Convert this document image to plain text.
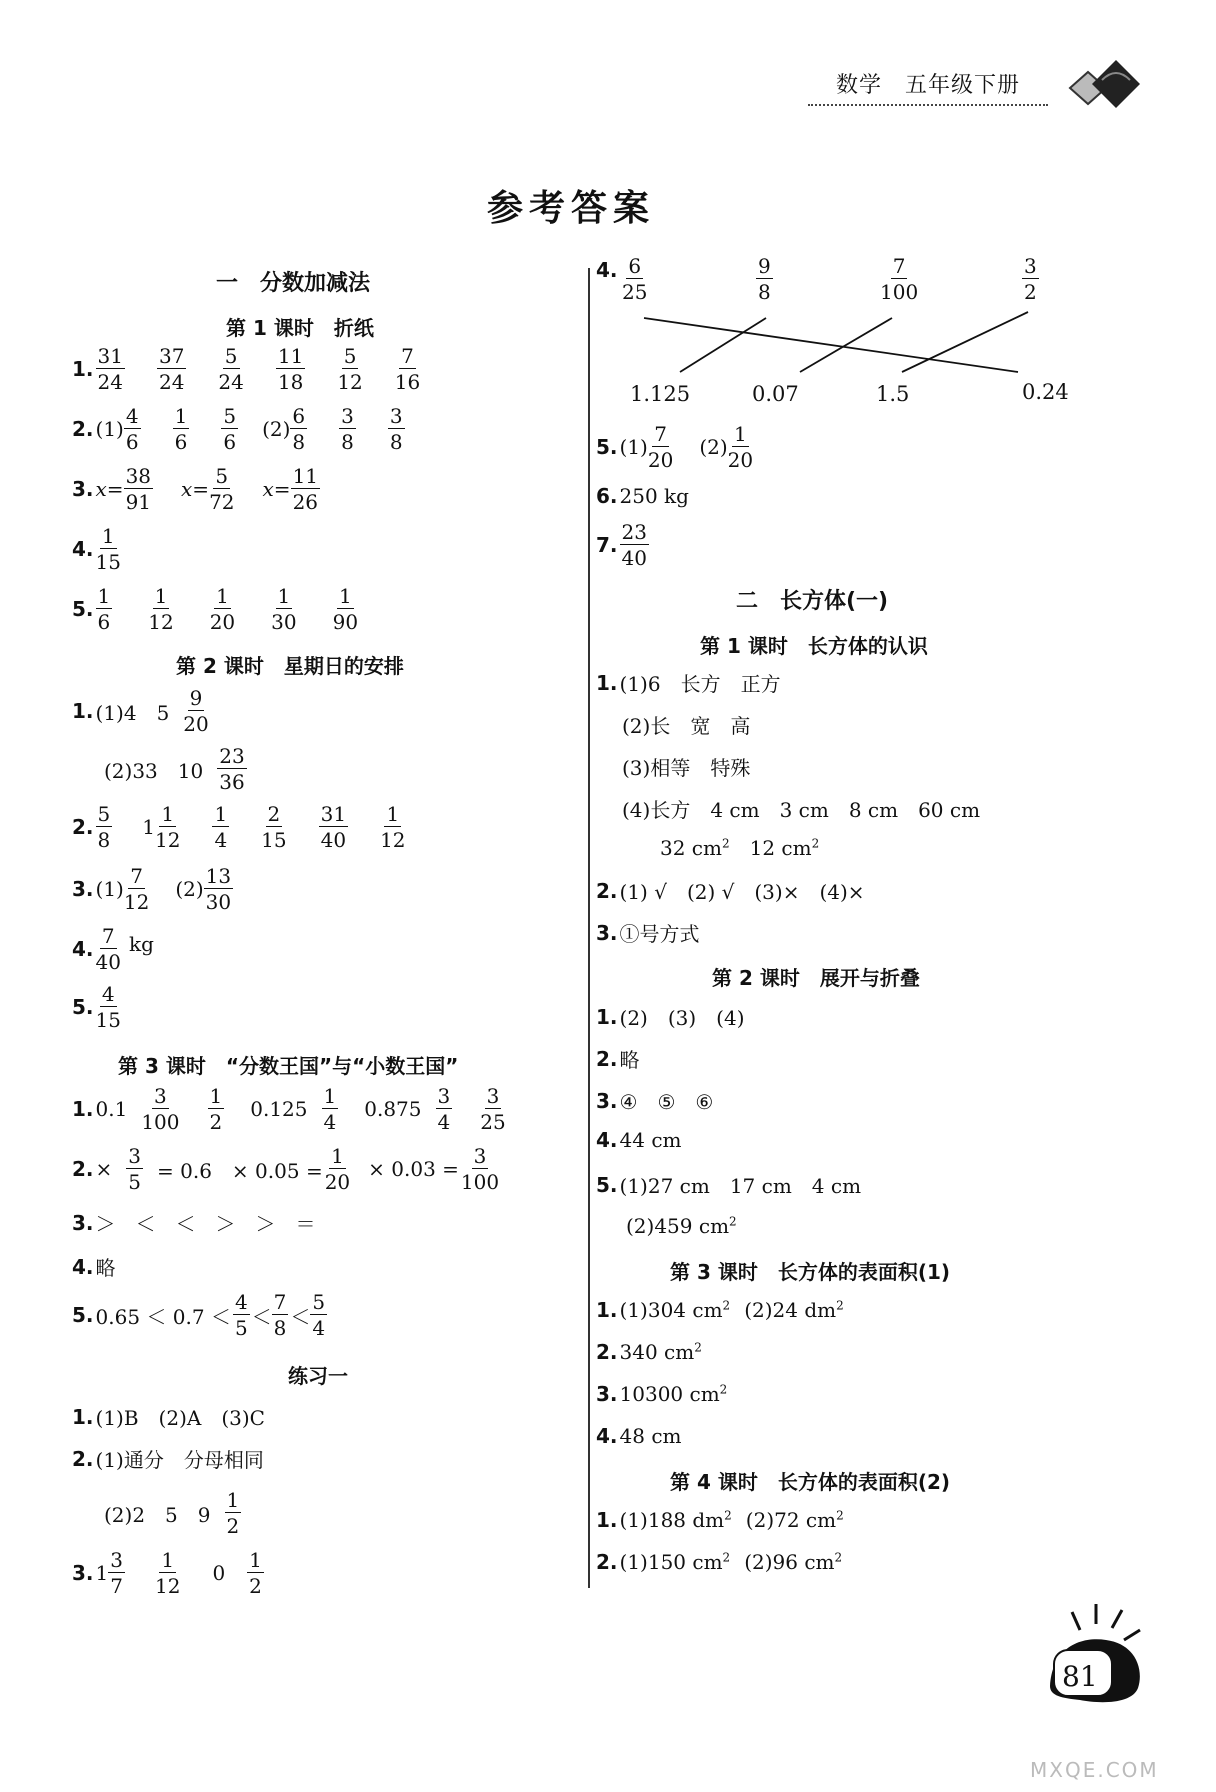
数学　 五年级下册
参考答案
一　分数加减法
第 1 课时　折纸
1. $\frac{31}{24} \frac{37}{24} \frac{5}{24} \frac{11}{18} \frac{5}{12} \frac{7}{16}$
2. $(1) \frac{4}{6} \frac{1}{6} \frac{5}{6} (2) \frac{6}{8} \frac{3}{8} \frac{3}{8}$
3. $x= \frac{38}{91} x= \frac{5}{72} x= \frac{11}{26}$
4. $\frac{1}{15}$
5. $\frac{1}{6} \frac{1}{12} \frac{1}{20} \frac{1}{30} \frac{1}{90}$
第 2 课时　星期日的安排
1. (1)4　$5 \frac{9}{20}$
(2)33　$10 \frac{23}{36}$
2. $\frac{5}{8} 1 \frac{1}{12} \frac{1}{4} \frac{2}{15} \frac{31}{40} \frac{1}{12}$
3. $(1) \frac{7}{12} (2) \frac{13}{30}$
4. $\frac{7}{40}$ kg
5. $\frac{4}{15}$
第 3 课时　“分数王国”与“小数王国”
1. $0.1 \frac{3}{100} \frac{1}{2} 0.125 \frac{1}{4} 0.875 \frac{3}{4} \frac{3}{25}$
2. × $\frac{3}{5} = 0.6$　× $0.05 = \frac{1}{20} \times 0.03 = \frac{3}{100}$
3. ＞　＜　＜　＞　＞　＝
4. 略
5. $0.65 < 0.7 < \frac{4}{5} < \frac{7}{8} < \frac{5}{4}$
练习一
1. (1)B　(2)A　(3)C
2. (1)通分　分母相同
(2)2　5　$9 \frac{1}{2}$
3. $1 \frac{3}{7} \frac{1}{12} 0 \frac{1}{2}$
4. $\frac{6}{25}$	$\frac{9}{8}$	$\frac{7}{100}$	$\frac{3}{2}$
1.125	0.07	1.5	0.24
5. $(1) \frac{7}{20} (2) \frac{1}{20}$
6. 250 kg
7. $\frac{23}{40}$
二　长方体(一)
第 1 课时　长方体的认识
1. (1)6　长方　正方
(2)长　宽　高
(3)相等　特殊
(4)长方　4 cm　3 cm　8 cm　60 cm
32 $cm^2$ 12 $cm^2$
2. (1) √　(2) √　(3)×　(4)×
3. ①号方式
第 2 课时　展开与折叠
1. (2)　(3)　(4)
2. 略
3. ④　⑤　⑥
4. 44 cm
5. (1)27 cm　17 cm　4 cm
(2)459 $cm^2$
第 3 课时　长方体的表面积(1)
1. (1)304 $cm^2$ (2)24 $dm^2$
2. 340 $cm^2$
3. 10300 $cm^2$
4. 48 cm
第 4 课时　长方体的表面积(2)
1. (1)188 $dm^2$ (2)72 $cm^2$
2. (1)150 $cm^2$ (2)96 $cm^2$
81
MXQE.COM
